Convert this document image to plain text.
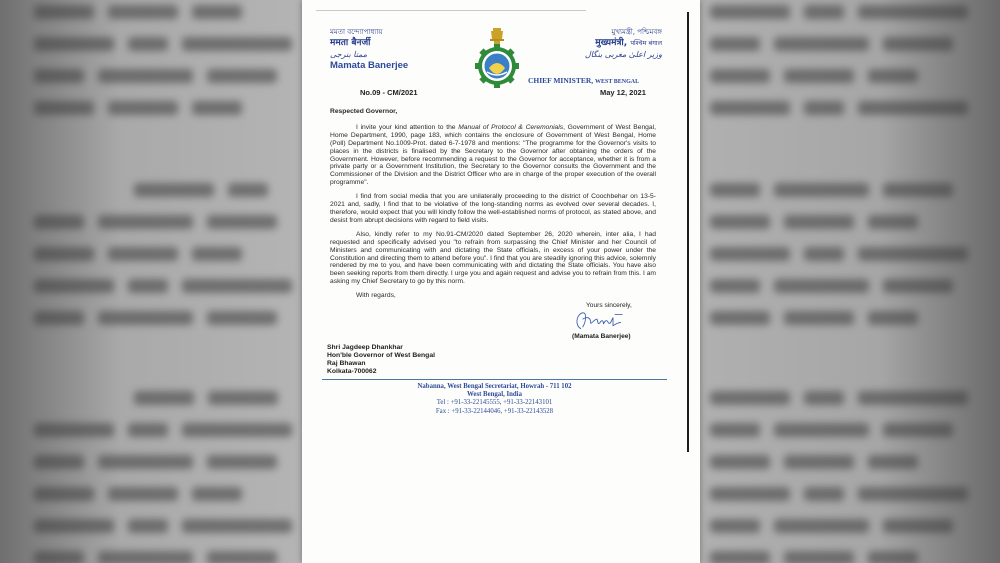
মমতা বন্দ্যোপাধ্যায়
ममता बैनर्जी
ممتا بنرجی
Mamata Banerjee
No.09 - CM/2021
মুখ্যমন্ত্রী, পশ্চিমবঙ্গ
मुख्यमंत्री, पश्चिम बंगाल
وزیر اعلیٰ مغربی بنگال
CHIEF MINISTER, WEST BENGAL
May 12, 2021

Respected Governor,

I invite your kind attention to the Manual of Protocol & Ceremonials, Government of West Bengal, Home Department, 1990, page 183, which contains the enclosure of Government of West Bengal, Home (Poll) Department No.1009-Prot. dated 6-7-1978 and mentions: "The programme for the Governor's visits to places in the districts is finalised by the Secretary to the Governor after obtaining the orders of the Government. However, before recommending a request to the Governor for acceptance, whether it is from a private party or a Government Institution, the Secretary to the Governor consults the Government and the Commissioner of the Division and the District Officer who are in charge of the proper execution of the overall programme".

I find from social media that you are unilaterally proceeding to the district of Coochbehar on 13-5-2021 and, sadly, I find that to be violative of the long-standing norms as evolved over several decades. I, therefore, would expect that you will kindly follow the well-established norms of protocol, as stated above, and desist from abrupt decisions with regard to field visits.

Also, kindly refer to my No.91-CM/2020 dated September 26, 2020 wherein, inter alia, I had requested and specifically advised you "to refrain from surpassing the Chief Minister and her Council of Ministers and communicating with and dictating the State officials, in excess of your power under the Constitution and directing them to attend before you". I find that you are steadily ignoring this advice, solemnly rendered by me to you, and have been communicating with and dictating the State officials. You have also been seeking reports from them directly. I urge you and again request and advise you to refrain from this. I am asking my Chief Secretary to go by this norm.

With regards,

Yours sincerely,
(Mamata Banerjee)
Shri Jagdeep Dhankhar
Hon'ble Governor of West Bengal
Raj Bhawan
Kolkata-700062
Nabanna, West Bengal Secretariat, Howrah - 711 102
West Bengal, India
Tel : +91-33-22145555, +91-33-22143101
Fax : +91-33-22144046, +91-33-22143528
